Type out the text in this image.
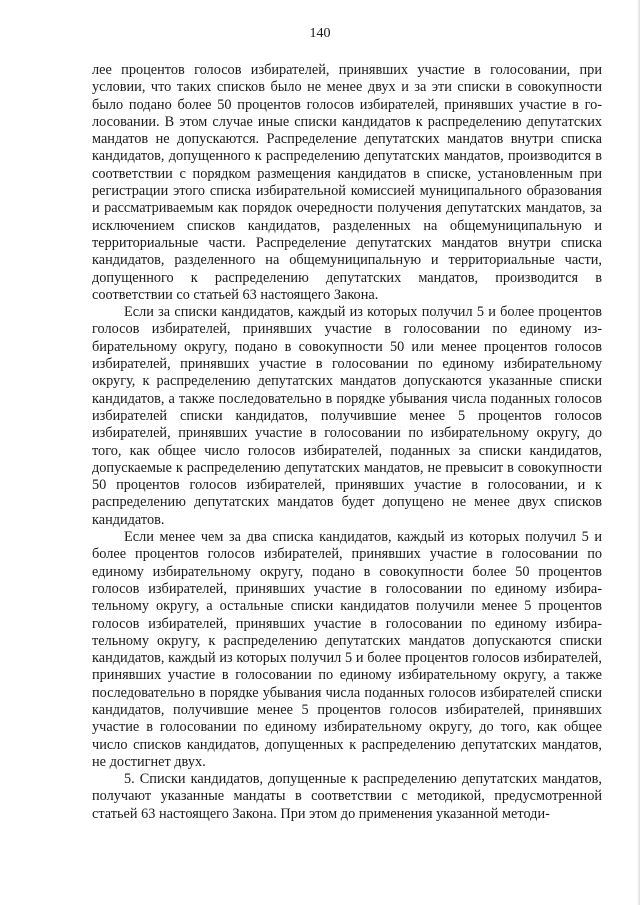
140

лее процентов голосов избирателей, принявших участие в голосовании, при условии, что таких списков было не менее двух и за эти списки в совокупности было подано более 50 процентов голосов избирателей, принявших участие в голосовании. В этом случае иные списки кандидатов к распределению депутатских мандатов не допускаются. Распределение депутатских мандатов внутри списка кандидатов, допущенного к распределению депутатских мандатов, производится в соответствии с порядком размещения кандидатов в списке, установленным при регистрации этого списка избирательной комиссией муниципального образования и рассматриваемым как порядок очередности получения депутатских мандатов, за исключением списков кандидатов, разделенных на общемуниципальную и территориальные части. Распределение депутатских мандатов внутри списка кандидатов, разделенного на общемуниципальную и территориальные части, допущенного к распределению депутатских мандатов, производится в соответствии со статьей 63 настоящего Закона.

Если за списки кандидатов, каждый из которых получил 5 и более процентов голосов избирателей, принявших участие в голосовании по единому избирательному округу, подано в совокупности 50 или менее процентов голосов избирателей, принявших участие в голосовании по единому избирательному округу, к распределению депутатских мандатов допускаются указанные списки кандидатов, а также последовательно в порядке убывания числа поданных голосов избирателей списки кандидатов, получившие менее 5 процентов голосов избирателей, принявших участие в голосовании по избирательному округу, до того, как общее число голосов избирателей, поданных за списки кандидатов, допускаемые к распределению депутатских мандатов, не превысит в совокупности 50 процентов голосов избирателей, принявших участие в голосовании, и к распределению депутатских мандатов будет допущено не менее двух списков кандидатов.

Если менее чем за два списка кандидатов, каждый из которых получил 5 и более процентов голосов избирателей, принявших участие в голосовании по единому избирательному округу, подано в совокупности более 50 процентов голосов избирателей, принявших участие в голосовании по единому избирательному округу, а остальные списки кандидатов получили менее 5 процентов голосов избирателей, принявших участие в голосовании по единому избирательному округу, к распределению депутатских мандатов допускаются списки кандидатов, каждый из которых получил 5 и более процентов голосов избирателей, принявших участие в голосовании по единому избирательному округу, а также последовательно в порядке убывания числа поданных голосов избирателей списки кандидатов, получившие менее 5 процентов голосов избирателей, принявших участие в голосовании по единому избирательному округу, до того, как общее число списков кандидатов, допущенных к распределению депутатских мандатов, не достигнет двух.

5. Списки кандидатов, допущенные к распределению депутатских мандатов, получают указанные мандаты в соответствии с методикой, предусмотренной статьей 63 настоящего Закона. При этом до применения указанной методи-
